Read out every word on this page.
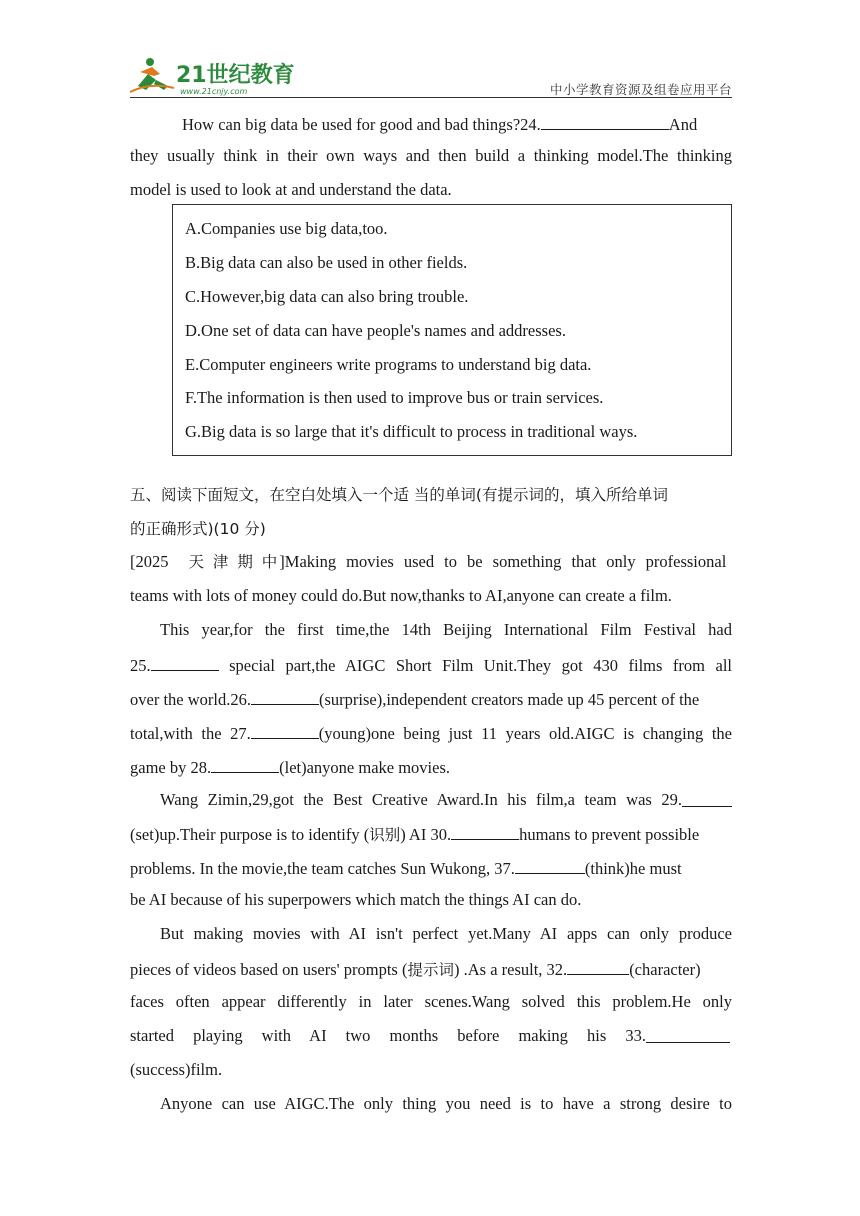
21世纪教育
www.21cnjy.com	中小学教育资源及组卷应用平台
How can big data be used for good and bad things?24.	And
they usually think in their own ways and then build a thinking model.The thinking
model is used to look at and understand the data.
A.Companies use big data,too.
B.Big data can also be used in other fields.
C.However,big data can also bring trouble.
D.One set of data can have people's names and addresses.
E.Computer engineers write programs to understand big data.
F.The information is then used to improve bus or train services.
G.Big data is so large that it's difficult to process in traditional ways.
五、阅读下面短文，在空白处填入一个适 当的单词(有提示词的，填入所给单词
的正确形式)(10 分)
[2025 天 津 期 中]Making movies used to be something that only professional
teams with lots of money could do.But now,thanks to AI,anyone can create a film.
This year,for the first time,the 14th Beijing International Film Festival had
25.	special part,the AIGC Short Film Unit.They got 430 films from all
over the world.26.	(surprise),independent creators made up 45 percent of the
total,with the 27.	(young)one being just 11 years old.AIGC is changing the
game by 28.	(let)anyone make movies.
Wang Zimin,29,got the Best Creative Award.In his film,a team was 29.
(set)up.Their purpose is to identify (识别) AI 30.	humans to prevent possible
problems. In the movie,the team catches Sun Wukong, 37.	(think)he must
be AI because of his superpowers which match the things AI can do.
But making movies with AI isn't perfect yet.Many AI apps can only produce
pieces of videos based on users' prompts (提示词) .As a result, 32.	(character)
faces often appear differently in later scenes.Wang solved this problem.He only
started playing with AI two months before making his 33.
(success)film.
Anyone can use AIGC.The only thing you need is to have a strong desire to
